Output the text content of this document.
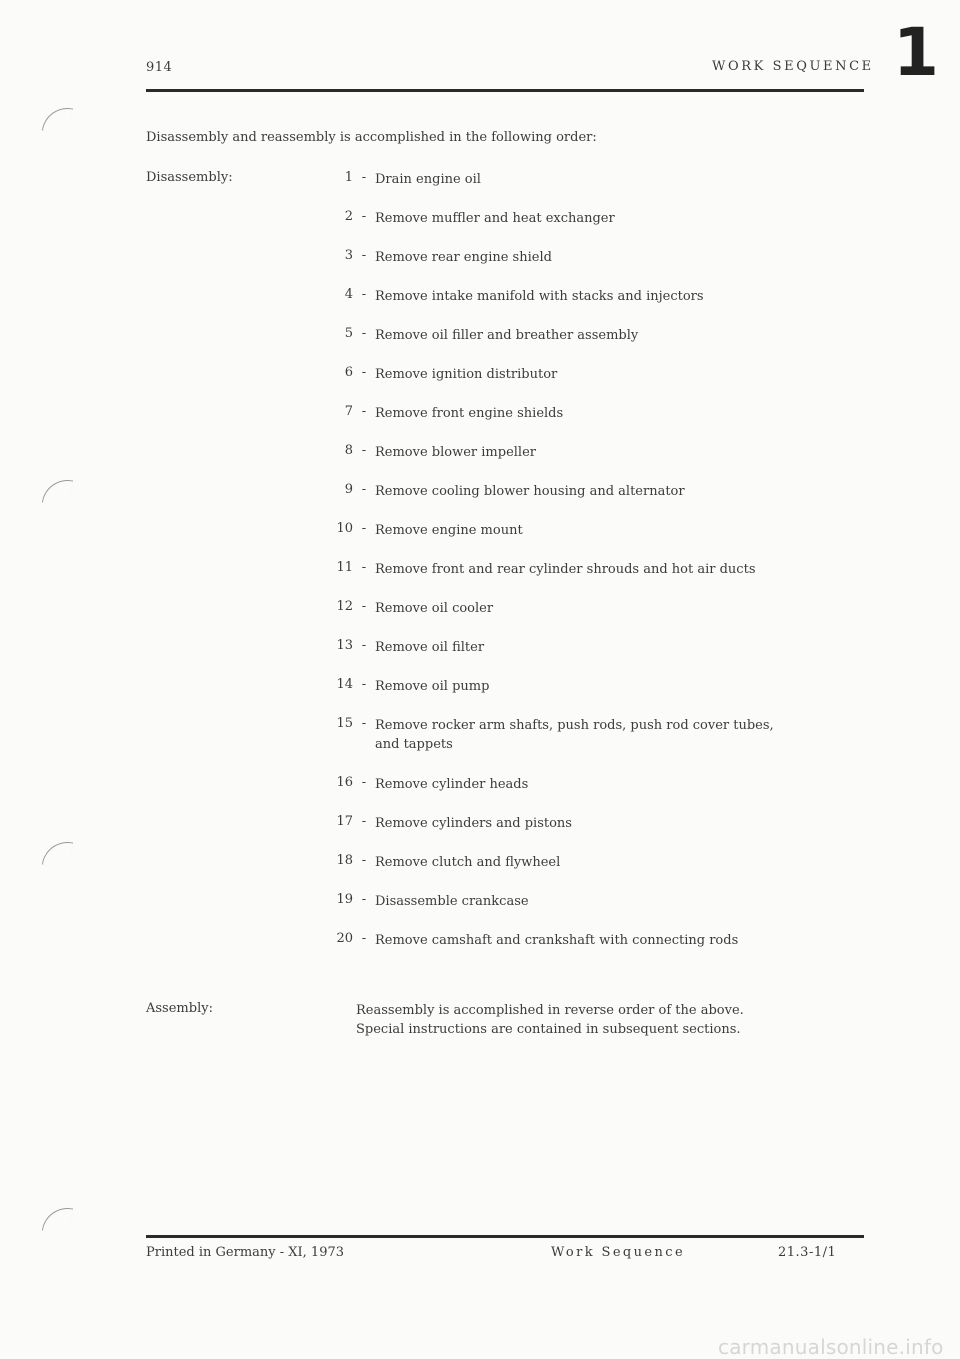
914	WORK SEQUENCE 1
Disassembly and reassembly is accomplished in the following order:
Disassembly:	1 - Drain engine oil
2 - Remove muffler and heat exchanger
3 - Remove rear engine shield
4 - Remove intake manifold with stacks and injectors
5 - Remove oil filler and breather assembly
6 - Remove ignition distributor
7 - Remove front engine shields
8 - Remove blower impeller
9 - Remove cooling blower housing and alternator
10 - Remove engine mount
11 - Remove front and rear cylinder shrouds and hot air ducts
12 - Remove oil cooler
13 - Remove oil filter
14 - Remove oil pump
15 - Remove rocker arm shafts, push rods, push rod cover tubes,
and tappets
16 - Remove cylinder heads
17 - Remove cylinders and pistons
18 - Remove clutch and flywheel
19 - Disassemble crankcase
20 - Remove camshaft and crankshaft with connecting rods
Assembly:	Reassembly is accomplished in reverse order of the above.
Special instructions are contained in subsequent sections.
Printed in Germany - XI, 1973	Work Sequence	21.3-1/1
carmanualsonline.info
